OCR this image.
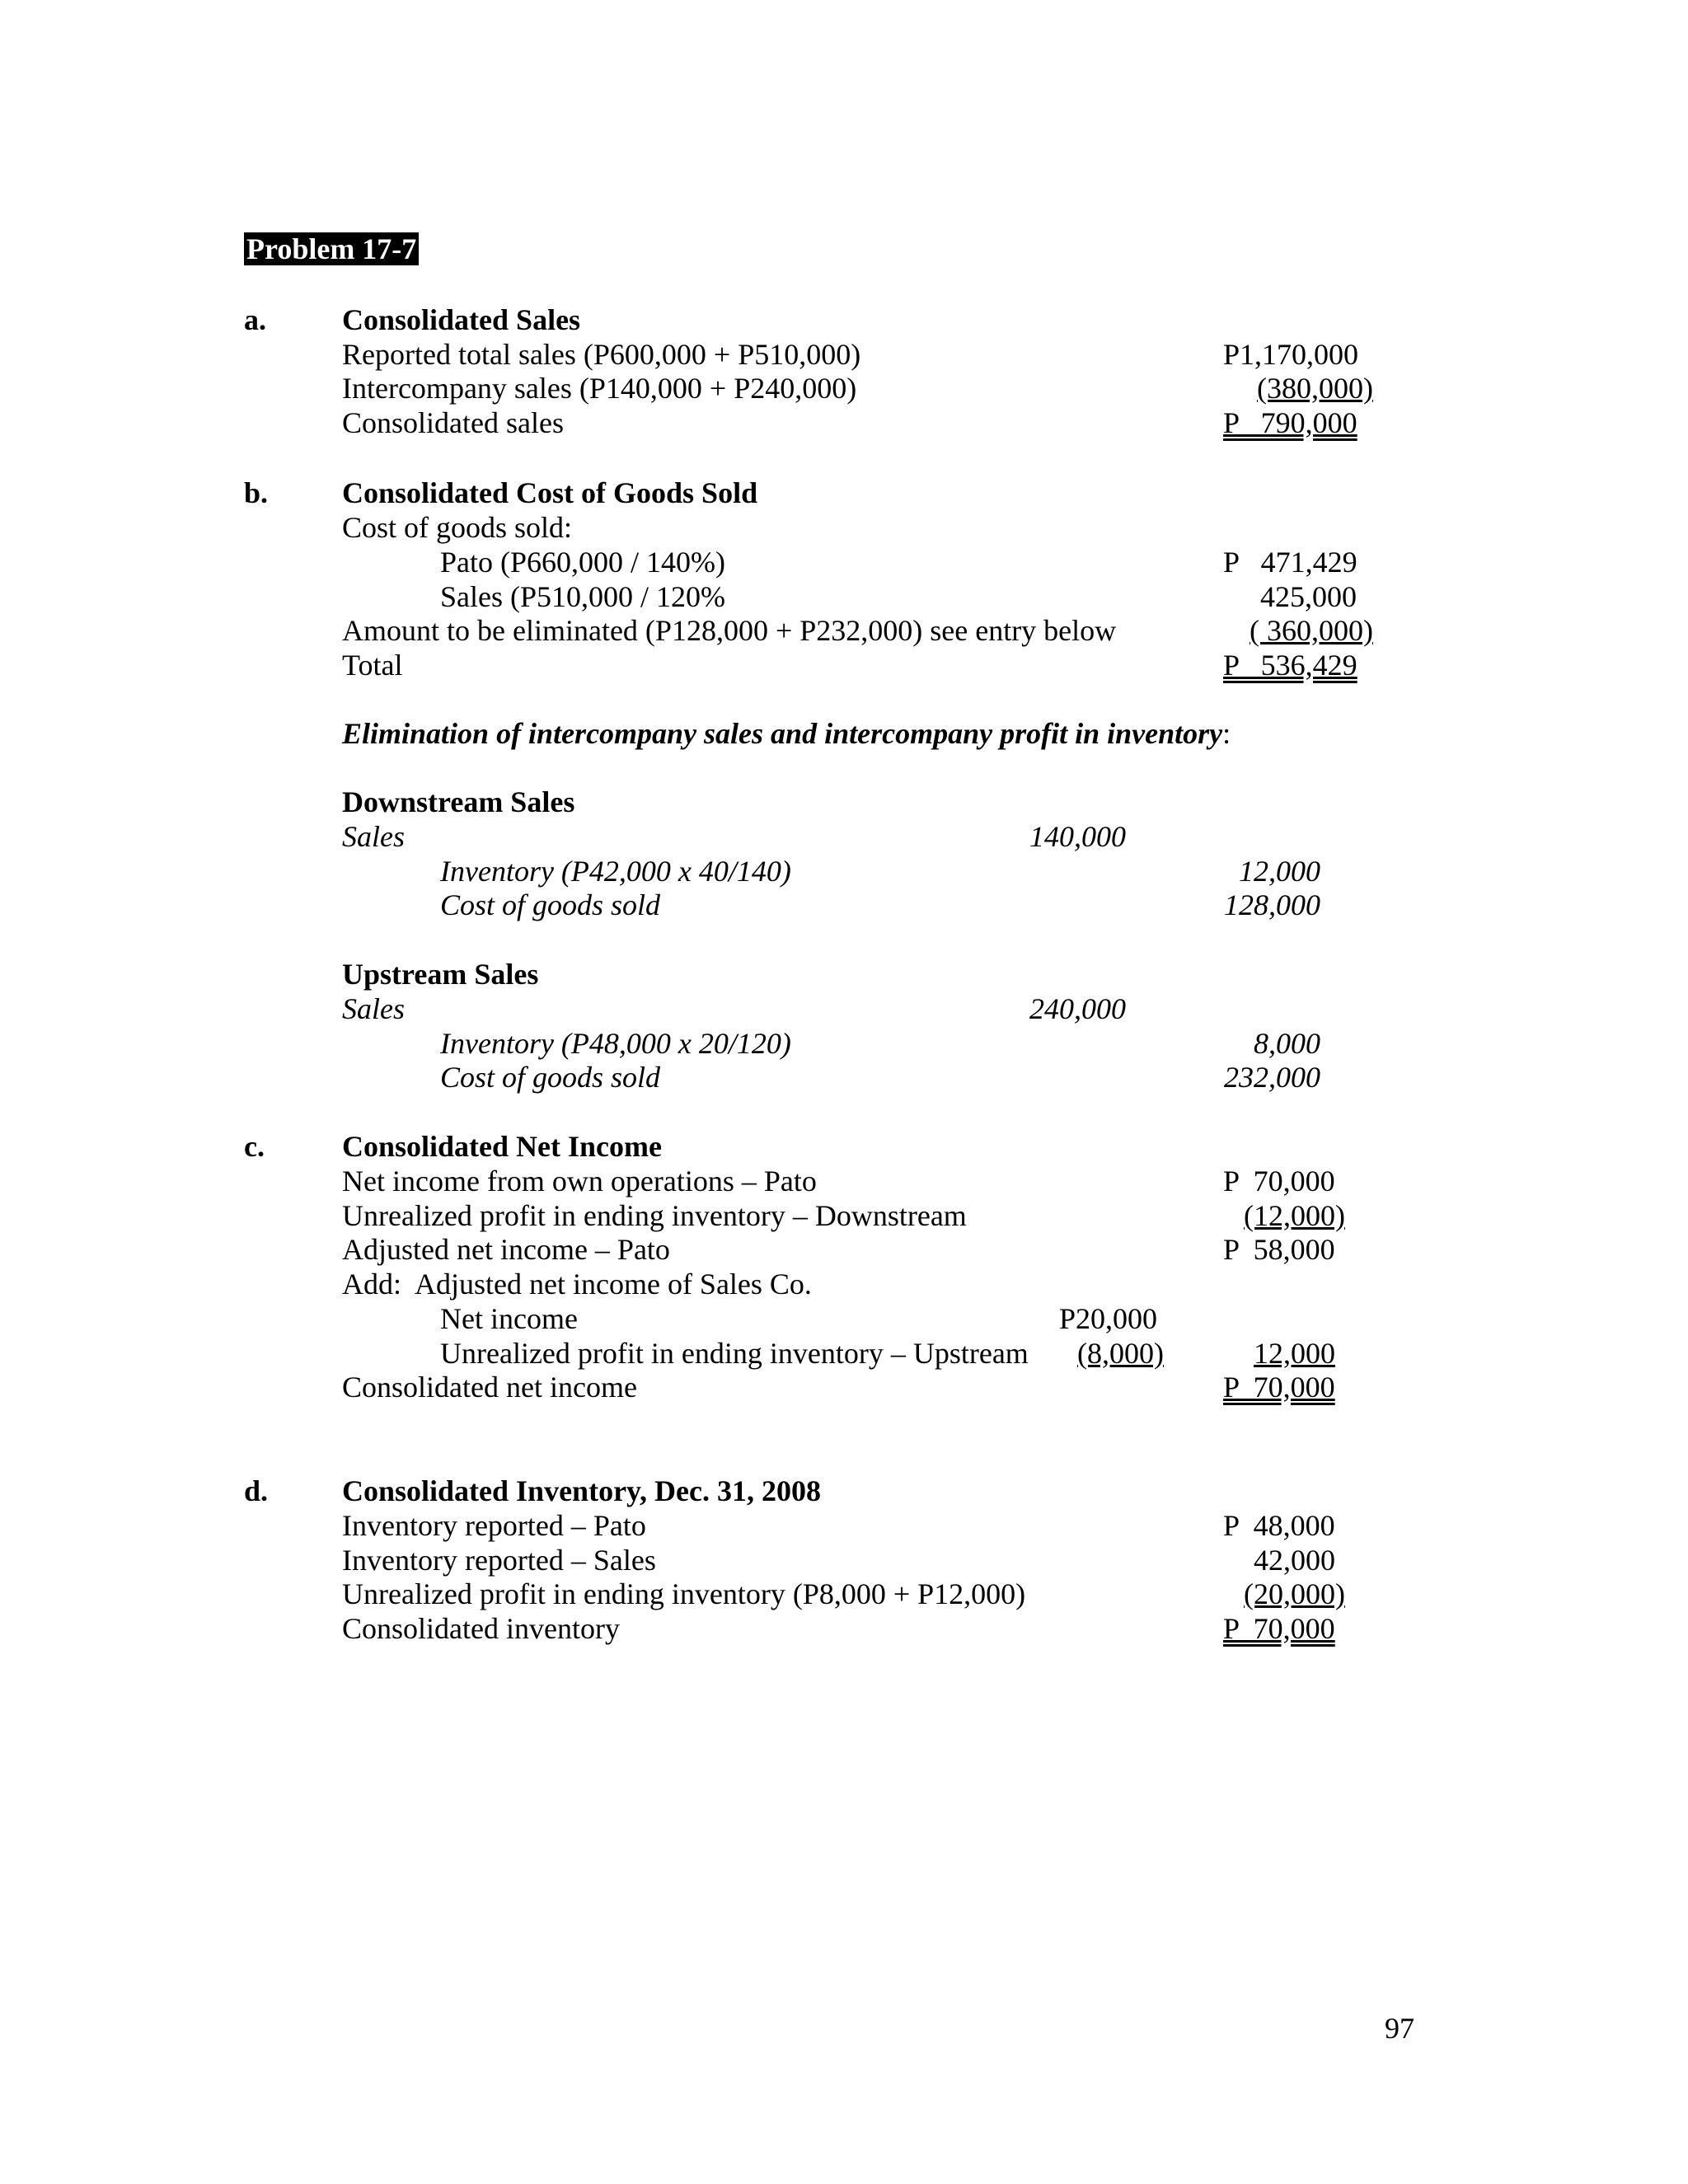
Problem 17-7
a.	Consolidated Sales
Reported total sales (P600,000 + P510,000)	P1,170,000
Intercompany sales (P140,000 + P240,000)	(380,000)
Consolidated sales	P   790,000
b. Consolidated Cost of Goods Sold
Cost of goods sold:
Pato (P660,000 / 140%)	P   471,429
Sales (P510,000 / 120%	425,000
Amount to be eliminated (P128,000 + P232,000) see entry below	( 360,000)
Total	P   536,429
Elimination of intercompany sales and intercompany profit in inventory:
Downstream Sales
Sales	140,000
Inventory (P42,000 x 40/140)	12,000
Cost of goods sold	128,000
Upstream Sales
Sales	240,000
Inventory (P48,000 x 20/120)	8,000
Cost of goods sold	232,000
c.	Consolidated Net Income
Net income from own operations – Pato	P  70,000
Unrealized profit in ending inventory – Downstream	(12,000)
Adjusted net income – Pato	P  58,000
Add:  Adjusted net income of Sales Co.
Net income	P20,000
Unrealized profit in ending inventory – Upstream	(8,000)	12,000
Consolidated net income	P  70,000
d. Consolidated Inventory, Dec. 31, 2008
Inventory reported – Pato	P  48,000
Inventory reported – Sales	42,000
Unrealized profit in ending inventory (P8,000 + P12,000)	(20,000)
Consolidated inventory	P  70,000
97
